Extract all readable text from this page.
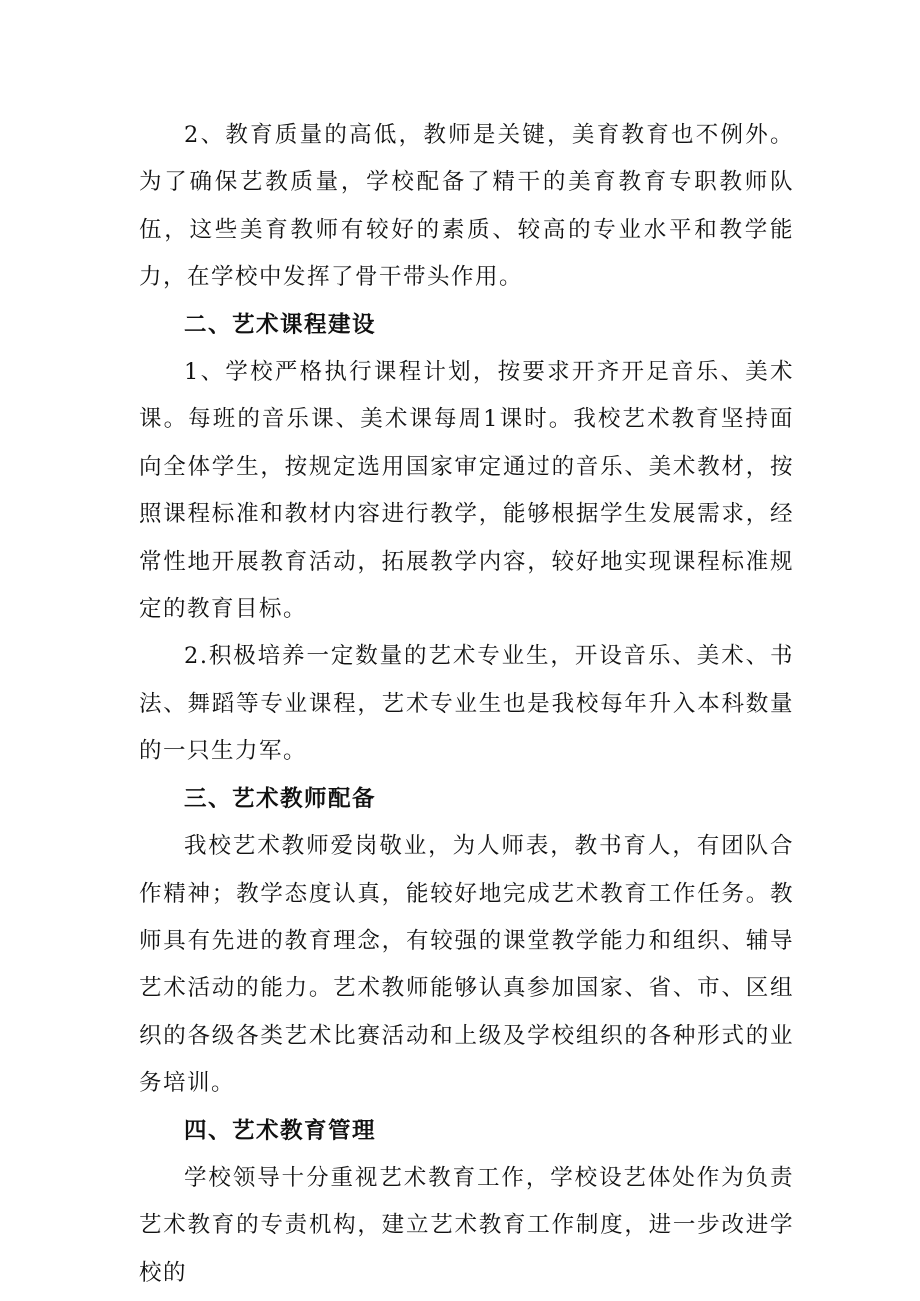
2、教育质量的高低，教师是关键，美育教育也不例外。为了确保艺教质量，学校配备了精干的美育教育专职教师队伍，这些美育教师有较好的素质、较高的专业水平和教学能力，在学校中发挥了骨干带头作用。

二、艺术课程建设

1、学校严格执行课程计划，按要求开齐开足音乐、美术课。每班的音乐课、美术课每周1课时。我校艺术教育坚持面向全体学生，按规定选用国家审定通过的音乐、美术教材，按照课程标准和教材内容进行教学，能够根据学生发展需求，经常性地开展教育活动，拓展教学内容，较好地实现课程标准规定的教育目标。

2.积极培养一定数量的艺术专业生，开设音乐、美术、书法、舞蹈等专业课程，艺术专业生也是我校每年升入本科数量的一只生力军。

三、艺术教师配备

我校艺术教师爱岗敬业，为人师表，教书育人，有团队合作精神；教学态度认真，能较好地完成艺术教育工作任务。教师具有先进的教育理念，有较强的课堂教学能力和组织、辅导艺术活动的能力。艺术教师能够认真参加国家、省、市、区组织的各级各类艺术比赛活动和上级及学校组织的各种形式的业务培训。

四、艺术教育管理

学校领导十分重视艺术教育工作，学校设艺体处作为负责艺术教育的专责机构，建立艺术教育工作制度，进一步改进学校的
